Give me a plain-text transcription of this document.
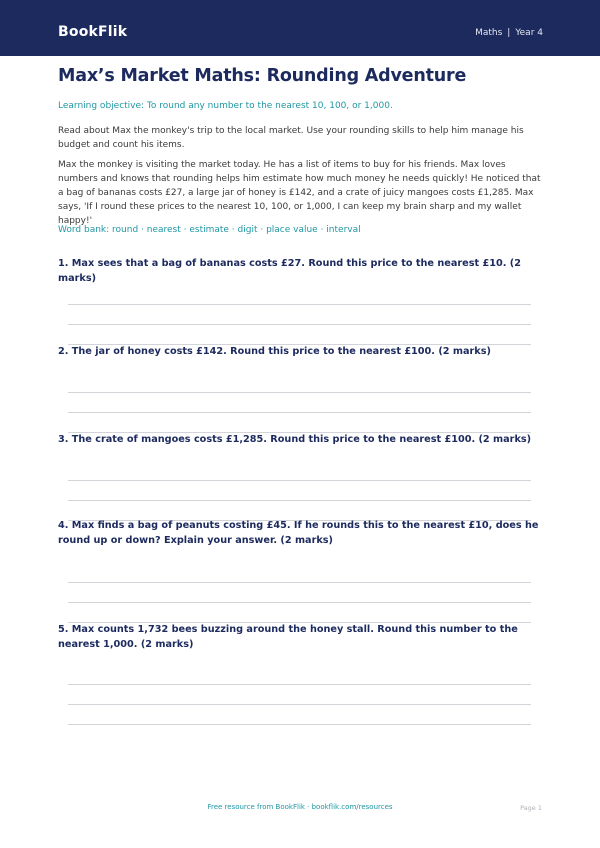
BookFlik	Maths | Year 4
Max’s Market Maths: Rounding Adventure
Learning objective: To round any number to the nearest 10, 100, or 1,000.
Read about Max the monkey's trip to the local market. Use your rounding skills to help him manage his budget and count his items.
Max the monkey is visiting the market today. He has a list of items to buy for his friends. Max loves numbers and knows that rounding helps him estimate how much money he needs quickly! He noticed that a bag of bananas costs £27, a large jar of honey is £142, and a crate of juicy mangoes costs £1,285. Max says, 'If I round these prices to the nearest 10, 100, or 1,000, I can keep my brain sharp and my wallet happy!'
Word bank: round · nearest · estimate · digit · place value · interval
1. Max sees that a bag of bananas costs £27. Round this price to the nearest £10. (2 marks)
2. The jar of honey costs £142. Round this price to the nearest £100. (2 marks)
3. The crate of mangoes costs £1,285. Round this price to the nearest £100. (2 marks)
4. Max finds a bag of peanuts costing £45. If he rounds this to the nearest £10, does he round up or down? Explain your answer. (2 marks)
5. Max counts 1,732 bees buzzing around the honey stall. Round this number to the nearest 1,000. (2 marks)
Free resource from BookFlik · bookflik.com/resources	Page 1
